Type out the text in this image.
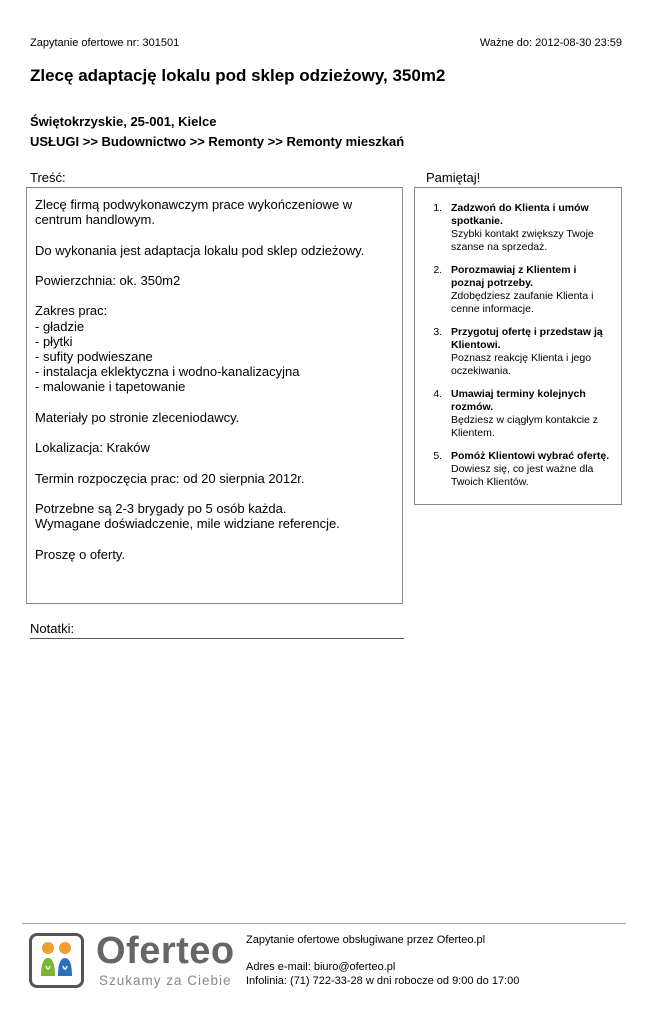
Zapytanie ofertowe nr: 301501	Ważne do: 2012-08-30 23:59
Zlecę adaptację lokalu pod sklep odzieżowy, 350m2
Świętokrzyskie, 25-001, Kielce
USŁUGI >> Budownictwo >> Remonty >> Remonty mieszkań
Treść:

Zlecę firmą podwykonawczym prace wykończeniowe w centrum handlowym.

Do wykonania jest adaptacja lokalu pod sklep odzieżowy.

Powierzchnia: ok. 350m2

Zakres prac:
- gładzie
- płytki
- sufity podwieszane
- instalacja eklektyczna i wodno-kanalizacyjna
- malowanie i tapetowanie

Materiały po stronie zleceniodawcy.

Lokalizacja: Kraków

Termin rozpoczęcia prac: od 20 sierpnia 2012r.

Potrzebne są 2-3 brygady po 5 osób każda.
Wymagane doświadczenie, mile widziane referencje.

Proszę o oferty.

Pamiętaj!
1. Zadzwoń do Klienta i umów spotkanie.
Szybki kontakt zwiększy Twoje szanse na sprzedaż.
2. Porozmawiaj z Klientem i poznaj potrzeby.
Zdobędziesz zaufanie Klienta i cenne informacje.
3. Przygotuj ofertę i przedstaw ją Klientowi.
Poznasz reakcję Klienta i jego oczekiwania.
4. Umawiaj terminy kolejnych rozmów.
Będziesz w ciągłym kontakcie z Klientem.
5. Pomóż Klientowi wybrać ofertę.
Dowiesz się, co jest ważne dla Twoich Klientów.
Notatki:
Oferteo
Szukamy za Ciebie
Zapytanie ofertowe obsługiwane przez Oferteo.pl
Adres e-mail: biuro@oferteo.pl
Infolinia: (71) 722-33-28 w dni robocze od 9:00 do 17:00
